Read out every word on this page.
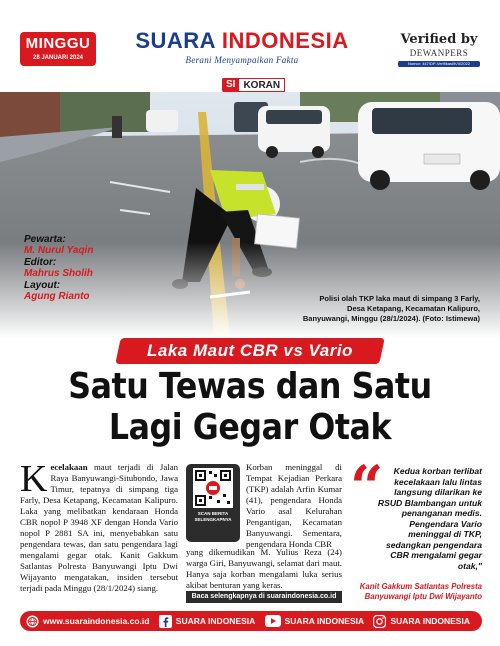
MINGGU
28 JANUARI 2024
SUARA INDONESIA
Berani Menyampaikan Fakta
Verified by
DEWANPERS
Nomor: 447/DP-Verifikasi/K/II/2022
SI KORAN
Pewarta:
M. Nurul Yaqin
Editor:
Mahrus Sholih
Layout:
Agung Rianto	Polisi olah TKP laka maut di simpang 3 Farly, Desa Ketapang, Kecamatan Kalipuro, Banyuwangi, Minggu (28/1/2024). (Foto: Istimewa)
Laka Maut CBR vs Vario
Satu Tewas dan Satu
Lagi Gegar Otak
Kecelakaan maut terjadi di Jalan Raya Banyuwangi-Situbondo, Jawa Timur, tepatnya di simpang tiga Farly, Desa Ketapang, Kecamatan Kalipuro. Laka yang melibatkan kendaraan Honda CBR nopol P 3948 XF dengan Honda Vario nopol P 2881 SA ini, menyebabkan satu pengendara tewas, dan satu pengendara lagi mengalami gegar otak. Kanit Gakkum Satlantas Polresta Banyuwangi Iptu Dwi Wijayanto mengatakan, insiden tersebut terjadi pada Minggu (28/1/2024) siang.
SCAN BERITA SELENGKAPNYA
Korban meninggal di Tempat Kejadian Perkara (TKP) adalah Arfin Kumar (41), pengendara Honda Vario asal Kelurahan Pengantigan, Kecamatan Banyuwangi. Sementara, pengendara Honda CBR
yang dikemudikan M. Yulius Reza (24) warga Giri, Banyuwangi, selamat dari maut. Hanya saja korban mengalami luka serius akibat benturan yang keras.
Baca selengkapnya di suaraindonesia.co.id
“	Kedua korban terlibat kecelakaan lalu lintas langsung dilarikan ke RSUD Blambangan untuk penanganan medis. Pengendara Vario meninggal di TKP, sedangkan pengendara CBR mengalami gegar otak,"
Kanit Gakkum Satlantas Polresta
Banyuwangi Iptu Dwi Wijayanto
www.suaraindonesia.co.id	SUARA INDONESIA	SUARA INDONESIA	SUARA INDONESIA
